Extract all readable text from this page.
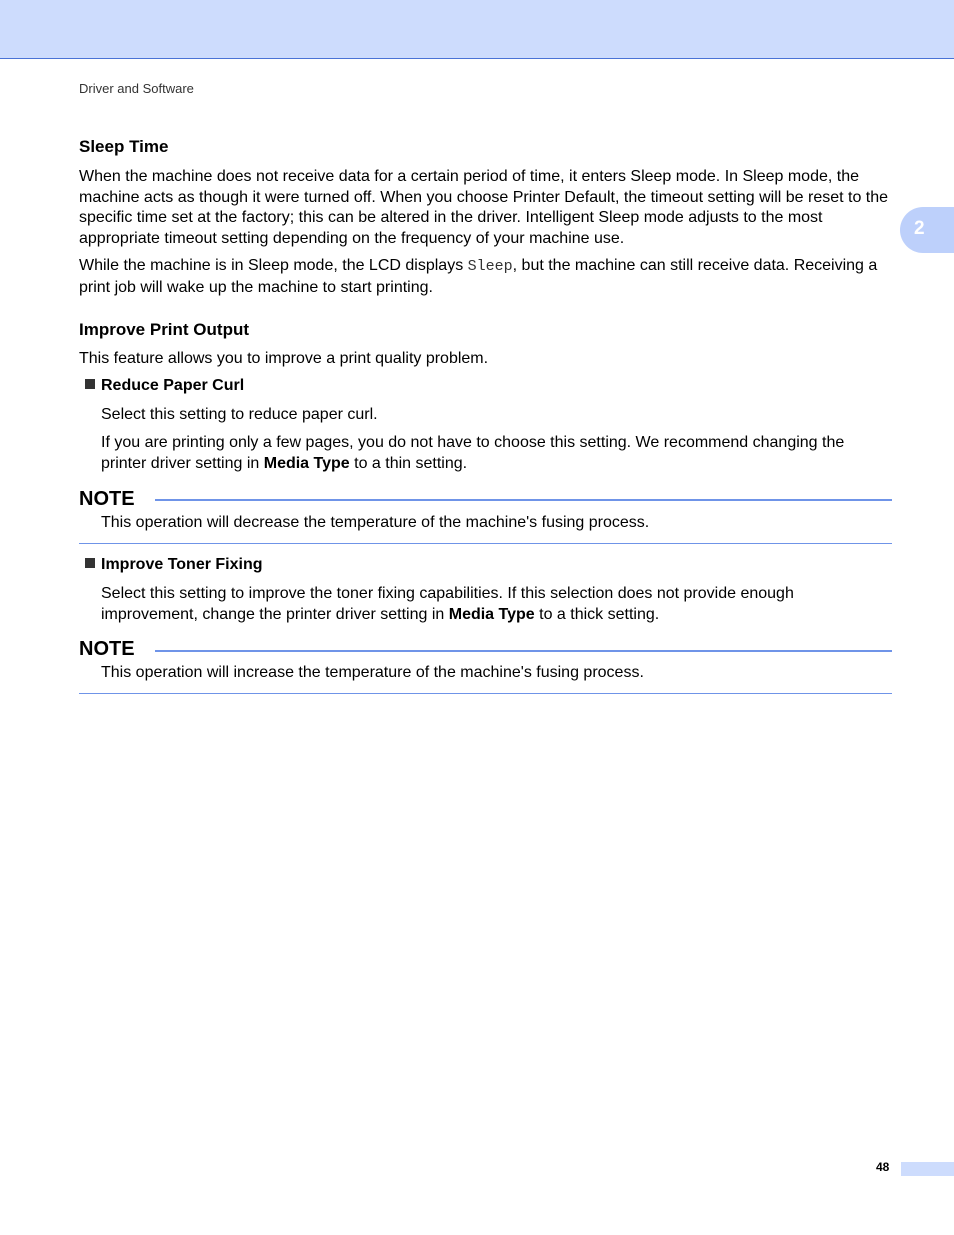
Driver and Software
2
Sleep Time

When the machine does not receive data for a certain period of time, it enters Sleep mode. In Sleep mode, the machine acts as though it were turned off. When you choose Printer Default, the timeout setting will be reset to the specific time set at the factory; this can be altered in the driver. Intelligent Sleep mode adjusts to the most appropriate timeout setting depending on the frequency of your machine use.

While the machine is in Sleep mode, the LCD displays Sleep, but the machine can still receive data. Receiving a print job will wake up the machine to start printing.

Improve Print Output

This feature allows you to improve a print quality problem.

Reduce Paper Curl

Select this setting to reduce paper curl.

If you are printing only a few pages, you do not have to choose this setting. We recommend changing the printer driver setting in Media Type to a thin setting.

NOTE

This operation will decrease the temperature of the machine's fusing process.

Improve Toner Fixing

Select this setting to improve the toner fixing capabilities. If this selection does not provide enough improvement, change the printer driver setting in Media Type to a thick setting.

NOTE

This operation will increase the temperature of the machine's fusing process.

48
